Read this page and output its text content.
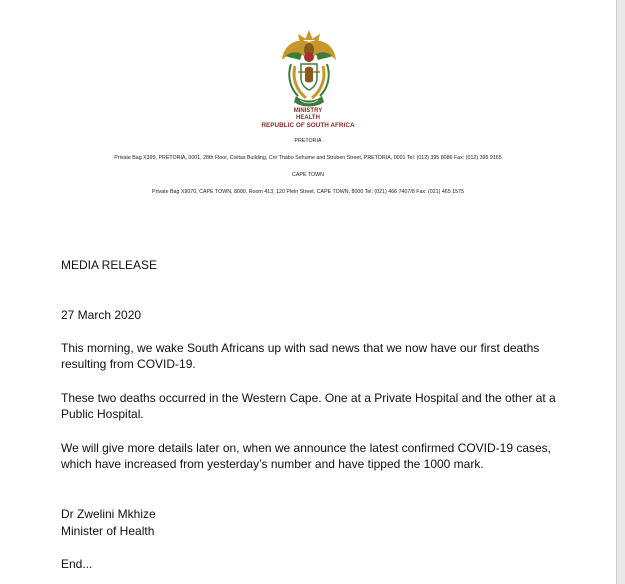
MINISTRY
HEALTH
REPUBLIC OF SOUTH AFRICA
PRETORIA
Private Bag X399, PRETORIA, 0001, 28th Floor, Civitas Building, Cnr Thabo Sehume and Struben Street, PRETORIA, 0001 Tel: (012) 395 8086 Fax: (012) 395 9165
CAPE TOWN
Private Bag X9070, CAPE TOWN, 8000, Room 413, 120 Plein Street, CAPE TOWN, 8000 Tel: (021) 466 7407/8 Fax: (021) 465 1575
MEDIA RELEASE
27 March 2020
This morning, we wake South Africans up with sad news that we now have our first deaths resulting from COVID-19.
These two deaths occurred in the Western Cape. One at a Private Hospital and the other at a Public Hospital.
We will give more details later on, when we announce the latest confirmed COVID-19 cases, which have increased from yesterday’s number and have tipped the 1000 mark.
Dr Zwelini Mkhize
Minister of Health
End...
